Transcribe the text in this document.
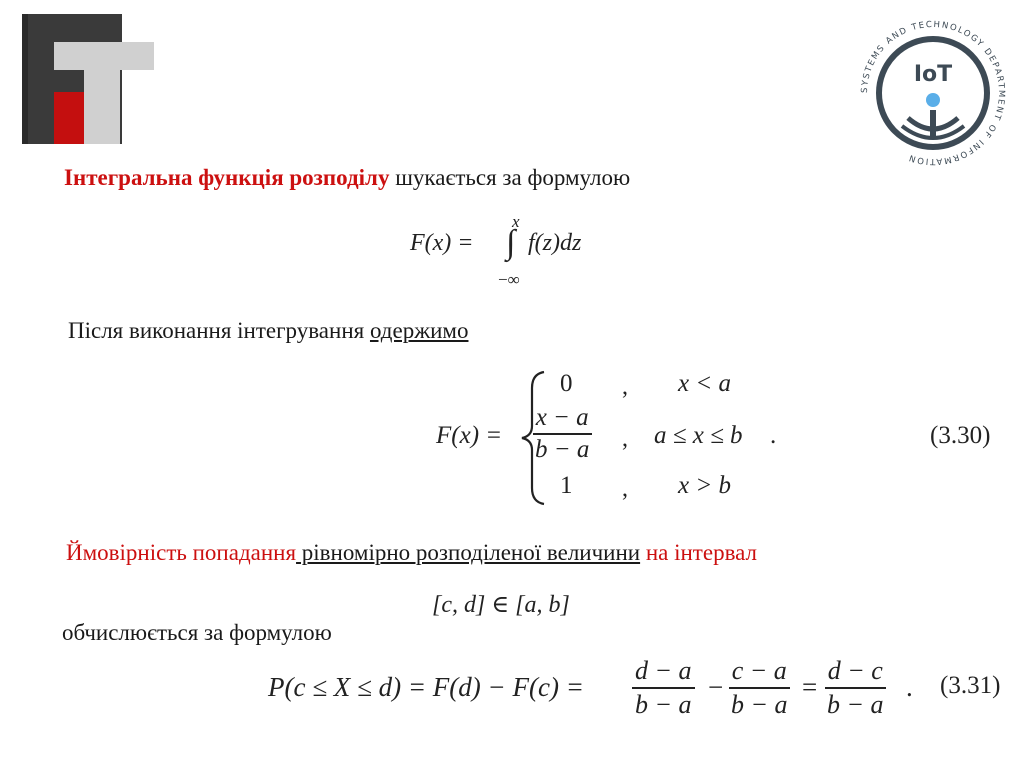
SYSTEMS AND TECHNOLOGY DEPARTMENT OF INFORMATION
IoT
Інтегральна функція розподілу шукається за формулою
F(x) =
x
∫
−∞
f(z)dz
Після виконання інтегрування одержимо
F(x) =
0 , x < a
$\frac{x - a}{b - a}$ , a ≤ x ≤ b .
1 , x > b
(3.30)
Ймовірність попадання рівномірно розподіленої величини на інтервал
[c, d] ∈ [a, b]
обчислюється за формулою
$P(c \le X \le d) = F(d) - F(c) = \frac{d - a}{b - a} - \frac{c - a}{b - a} = \frac{d - c}{b - a}$ . (3.31)
